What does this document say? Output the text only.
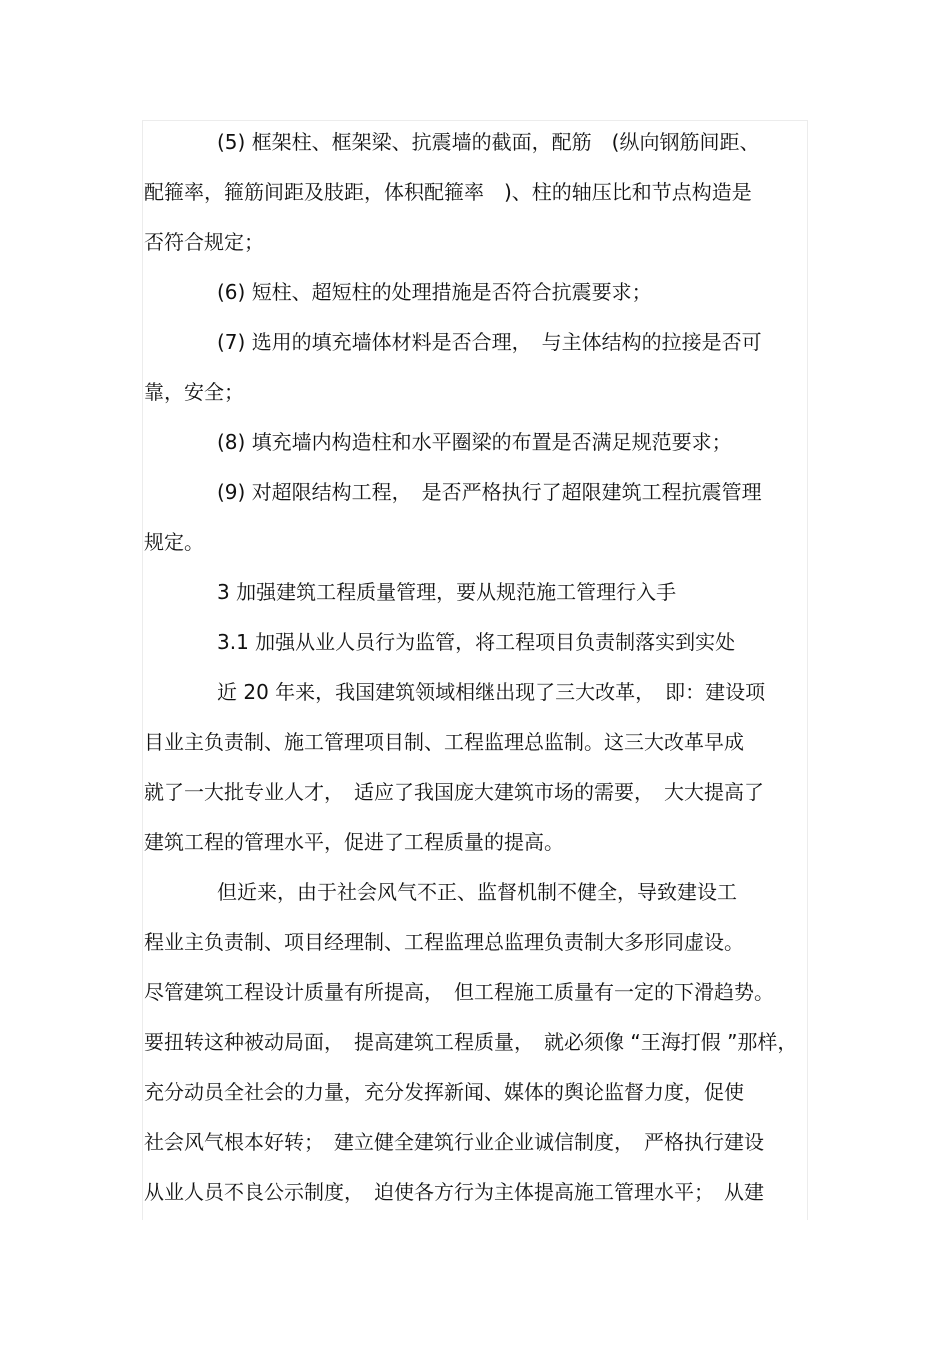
(5) 框架柱、框架梁、抗震墙的截面，配筋　(纵向钢筋间距、
配箍率，箍筋间距及肢距，体积配箍率　)、柱的轴压比和节点构造是
否符合规定；
(6) 短柱、超短柱的处理措施是否符合抗震要求；
(7) 选用的填充墙体材料是否合理，　与主体结构的拉接是否可
靠，安全；
(8) 填充墙内构造柱和水平圈梁的布置是否满足规范要求；
(9) 对超限结构工程，　是否严格执行了超限建筑工程抗震管理
规定。
3 加强建筑工程质量管理，要从规范施工管理行入手
3.1 加强从业人员行为监管，将工程项目负责制落实到实处
近 20 年来，我国建筑领域相继出现了三大改革，　即：建设项
目业主负责制、施工管理项目制、工程监理总监制。这三大改革早成
就了一大批专业人才，　适应了我国庞大建筑市场的需要，　大大提高了
建筑工程的管理水平，促进了工程质量的提高。
但近来，由于社会风气不正、监督机制不健全，导致建设工
程业主负责制、项目经理制、工程监理总监理负责制大多形同虚设。
尽管建筑工程设计质量有所提高，　但工程施工质量有一定的下滑趋势。
要扭转这种被动局面，　提高建筑工程质量，　就必须像 “王海打假 ”那样，
充分动员全社会的力量，充分发挥新闻、媒体的舆论监督力度，促使
社会风气根本好转；　建立健全建筑行业企业诚信制度，　严格执行建设
从业人员不良公示制度，　迫使各方行为主体提高施工管理水平；　从建
